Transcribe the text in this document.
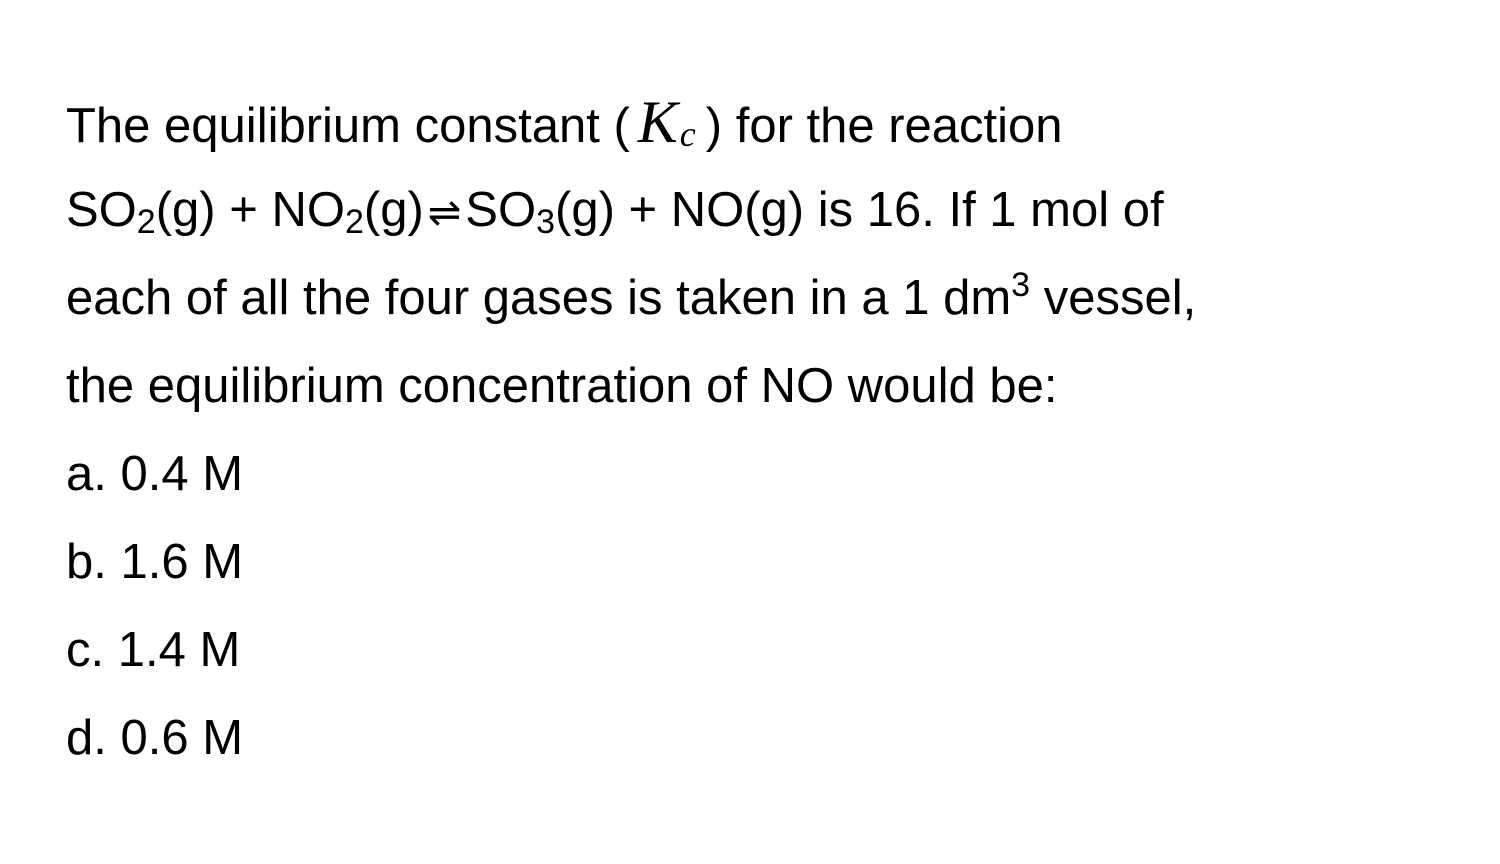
The equilibrium constant ( $K_c$ ) for the reaction
$SO_2(g) + NO_2(g)$ $\rightleftharpoons SO_3(g) + NO(g)$ is 16. If 1 mol of
each of all the four gases is taken in a 1 $dm^3$ vessel,
the equilibrium concentration of NO would be:
a. 0.4 M
b. 1.6 M
c. 1.4 M
d. 0.6 M
